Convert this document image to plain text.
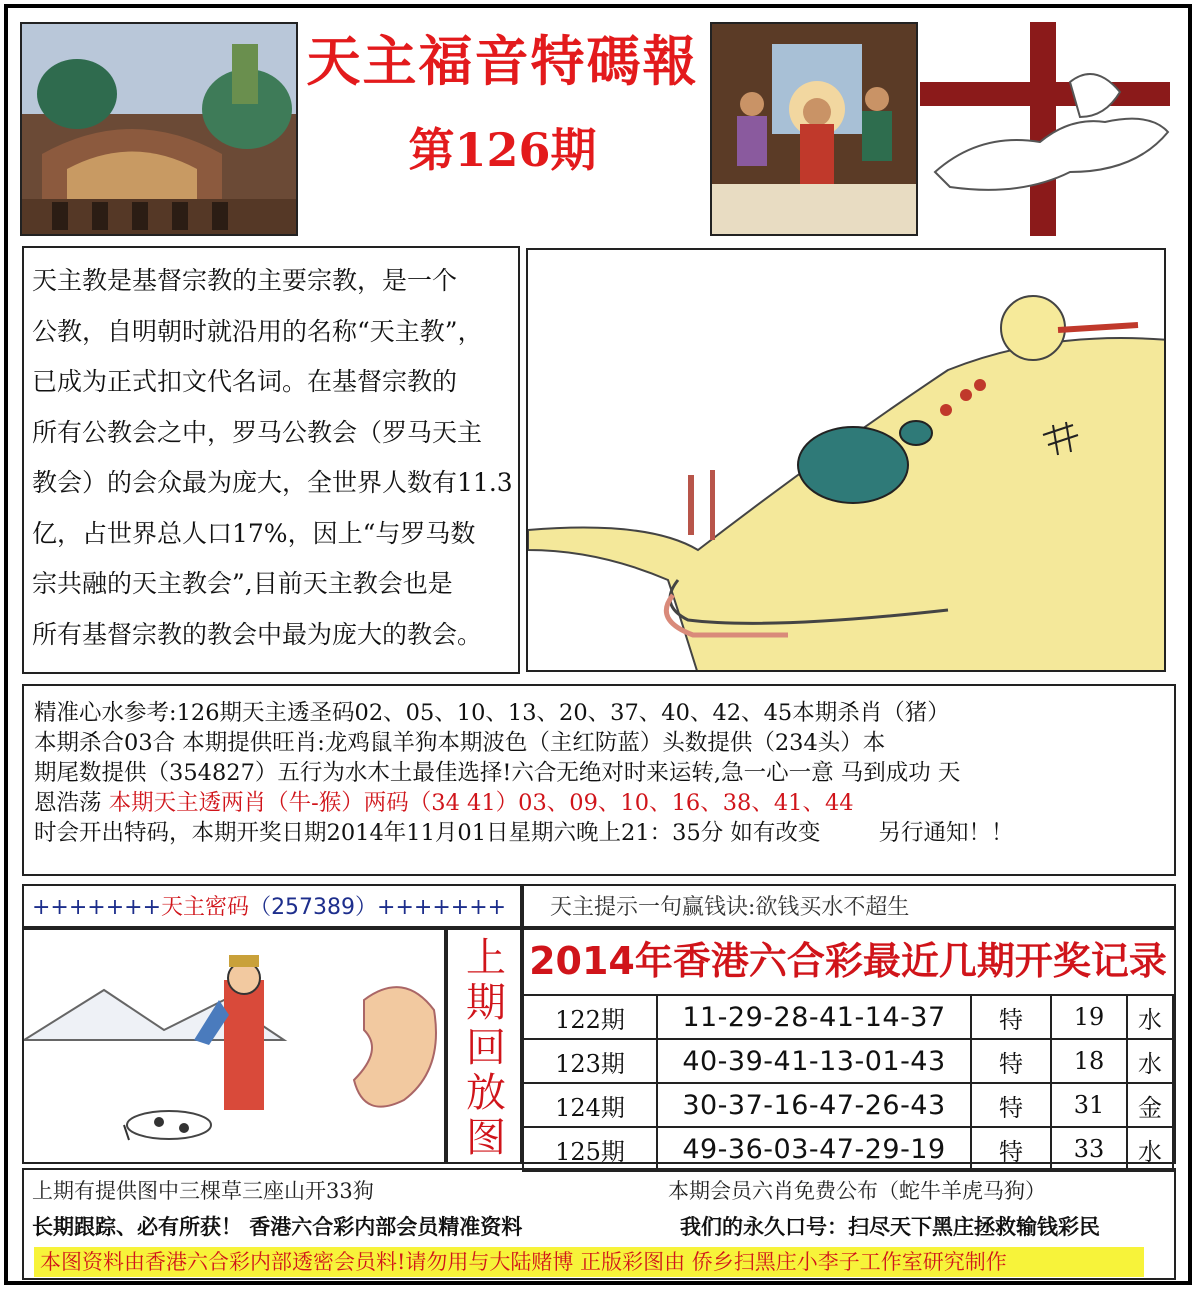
天主福音特碼報
第126期

天主教是基督宗教的主要宗教，是一个

公教，自明朝时就沿用的名称“天主教”，

已成为正式扣文代名词。在基督宗教的

所有公教会之中，罗马公教会（罗马天主

教会）的会众最为庞大，全世界人数有11.3

亿，占世界总人口17%，因上“与罗马数

宗共融的天主教会”,目前天主教会也是

所有基督宗教的教会中最为庞大的教会。

精准心水参考:126期天主透圣码02、05、10、13、20、37、40、42、45本期杀肖（猪）
本期杀合03合 本期提供旺肖:龙鸡鼠羊狗本期波色（主红防蓝）头数提供（234头）本
期尾数提供（354827）五行为水木土最佳选择!六合无绝对时来运转,急一心一意 马到成功 天
恩浩荡 本期天主透两肖（牛-猴）两码（34 41）03、09、10、16、38、41、44
时会开出特码，本期开奖日期2014年11月01日星期六晚上21：35分 如有改变	另行通知！！
+++++++天主密码（257389）+++++++	天主提示一句赢钱诀:欲钱买水不超生
上
期
回
放
图
2014年香港六合彩最近几期开奖记录
122期	11-29-28-41-14-37	特	19	水
123期	40-39-41-13-01-43	特	18	水
124期	30-37-16-47-26-43	特	31	金
125期	49-36-03-47-29-19	特	33	水
上期有提供图中三棵草三座山开33狗	本期会员六肖免费公布（蛇牛羊虎马狗）
长期跟踪、必有所获！ 香港六合彩内部会员精准资料	我们的永久口号：扫尽天下黑庄拯救输钱彩民
本图资料由香港六合彩内部透密会员料!请勿用与大陆赌博 正版彩图由 侨乡扫黑庄小李子工作室研究制作
